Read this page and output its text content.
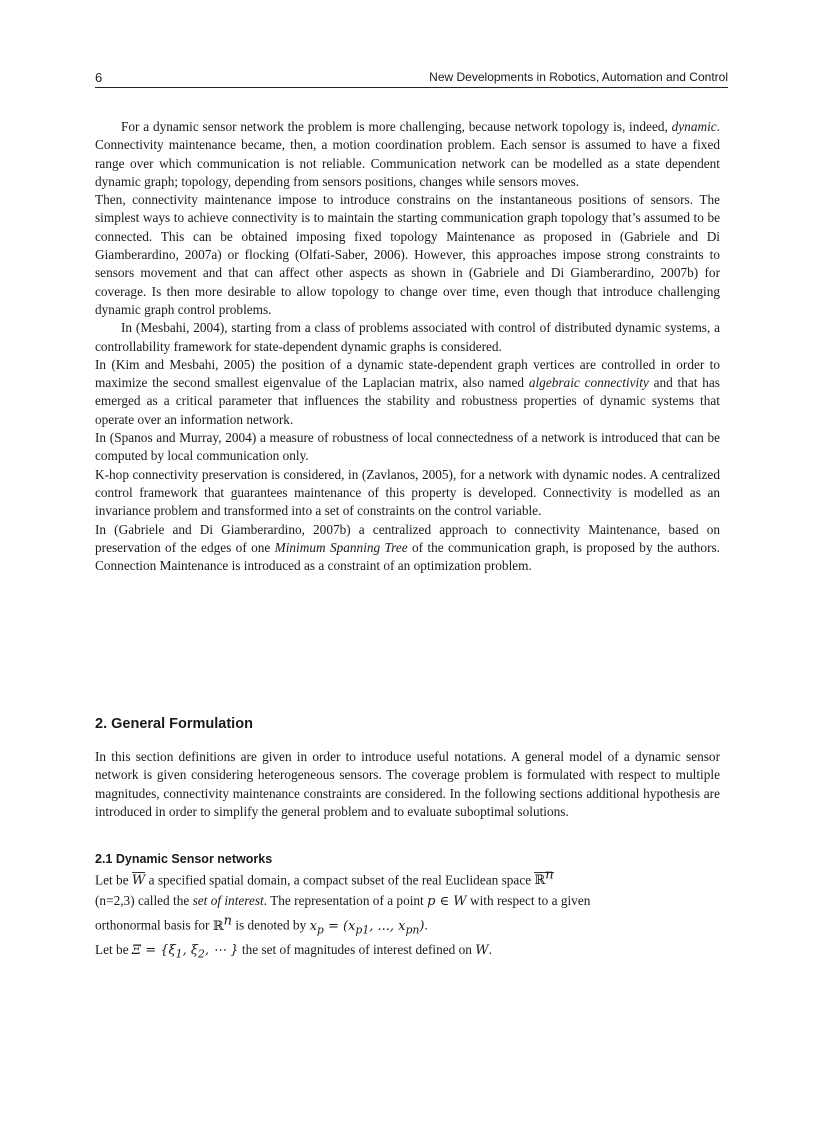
6	New Developments in Robotics, Automation and Control

For a dynamic sensor network the problem is more challenging, because network topology is, indeed, dynamic. Connectivity maintenance became, then, a motion coordination problem. Each sensor is assumed to have a fixed range over which communication is not reliable. Communication network can be modelled as a state dependent dynamic graph; topology, depending from sensors positions, changes while sensors moves.

Then, connectivity maintenance impose to introduce constrains on the instantaneous positions of sensors. The simplest ways to achieve connectivity is to maintain the starting communication graph topology that’s assumed to be connected. This can be obtained imposing fixed topology Maintenance as proposed in (Gabriele and Di Giamberardino, 2007a) or flocking (Olfati-Saber, 2006). However, this approaches impose strong constraints to sensors movement and that can affect other aspects as shown in (Gabriele and Di Giamberardino, 2007b) for coverage. Is then more desirable to allow topology to change over time, even though that introduce challenging dynamic graph control problems.

In (Mesbahi, 2004), starting from a class of problems associated with control of distributed dynamic systems, a controllability framework for state-dependent dynamic graphs is considered.

In (Kim and Mesbahi, 2005) the position of a dynamic state-dependent graph vertices are controlled in order to maximize the second smallest eigenvalue of the Laplacian matrix, also named algebraic connectivity and that has emerged as a critical parameter that influences the stability and robustness properties of dynamic systems that operate over an information network.

In (Spanos and Murray, 2004) a measure of robustness of local connectedness of a network is introduced that can be computed by local communication only.

K-hop connectivity preservation is considered, in (Zavlanos, 2005), for a network with dynamic nodes. A centralized control framework that guarantees maintenance of this property is developed. Connectivity is modelled as an invariance problem and transformed into a set of constraints on the control variable.

In (Gabriele and Di Giamberardino, 2007b) a centralized approach to connectivity Maintenance, based on preservation of the edges of one Minimum Spanning Tree of the communication graph, is proposed by the authors. Connection Maintenance is introduced as a constraint of an optimization problem.

2. General Formulation

In this section definitions are given in order to introduce useful notations. A general model of a dynamic sensor network is given considering heterogeneous sensors. The coverage problem is formulated with respect to multiple magnitudes, connectivity maintenance constraints are considered. In the following sections additional hypothesis are introduced in order to simplify the general problem and to evaluate suboptimal solutions.

2.1 Dynamic Sensor networks

Let be W a specified spatial domain, a compact subset of the real Euclidean space ℝ$^n$

(n=2,3) called the set of interest. The representation of a point p ∈ W with respect to a given

orthonormal basis for ℝ$^n$ is denoted by $x_p = (x_{p1}$, ..., $x_{pn}$).

Let be $\Xi = \{\xi_1$, $\xi_2$, ⋯ } the set of magnitudes of interest defined on W.
